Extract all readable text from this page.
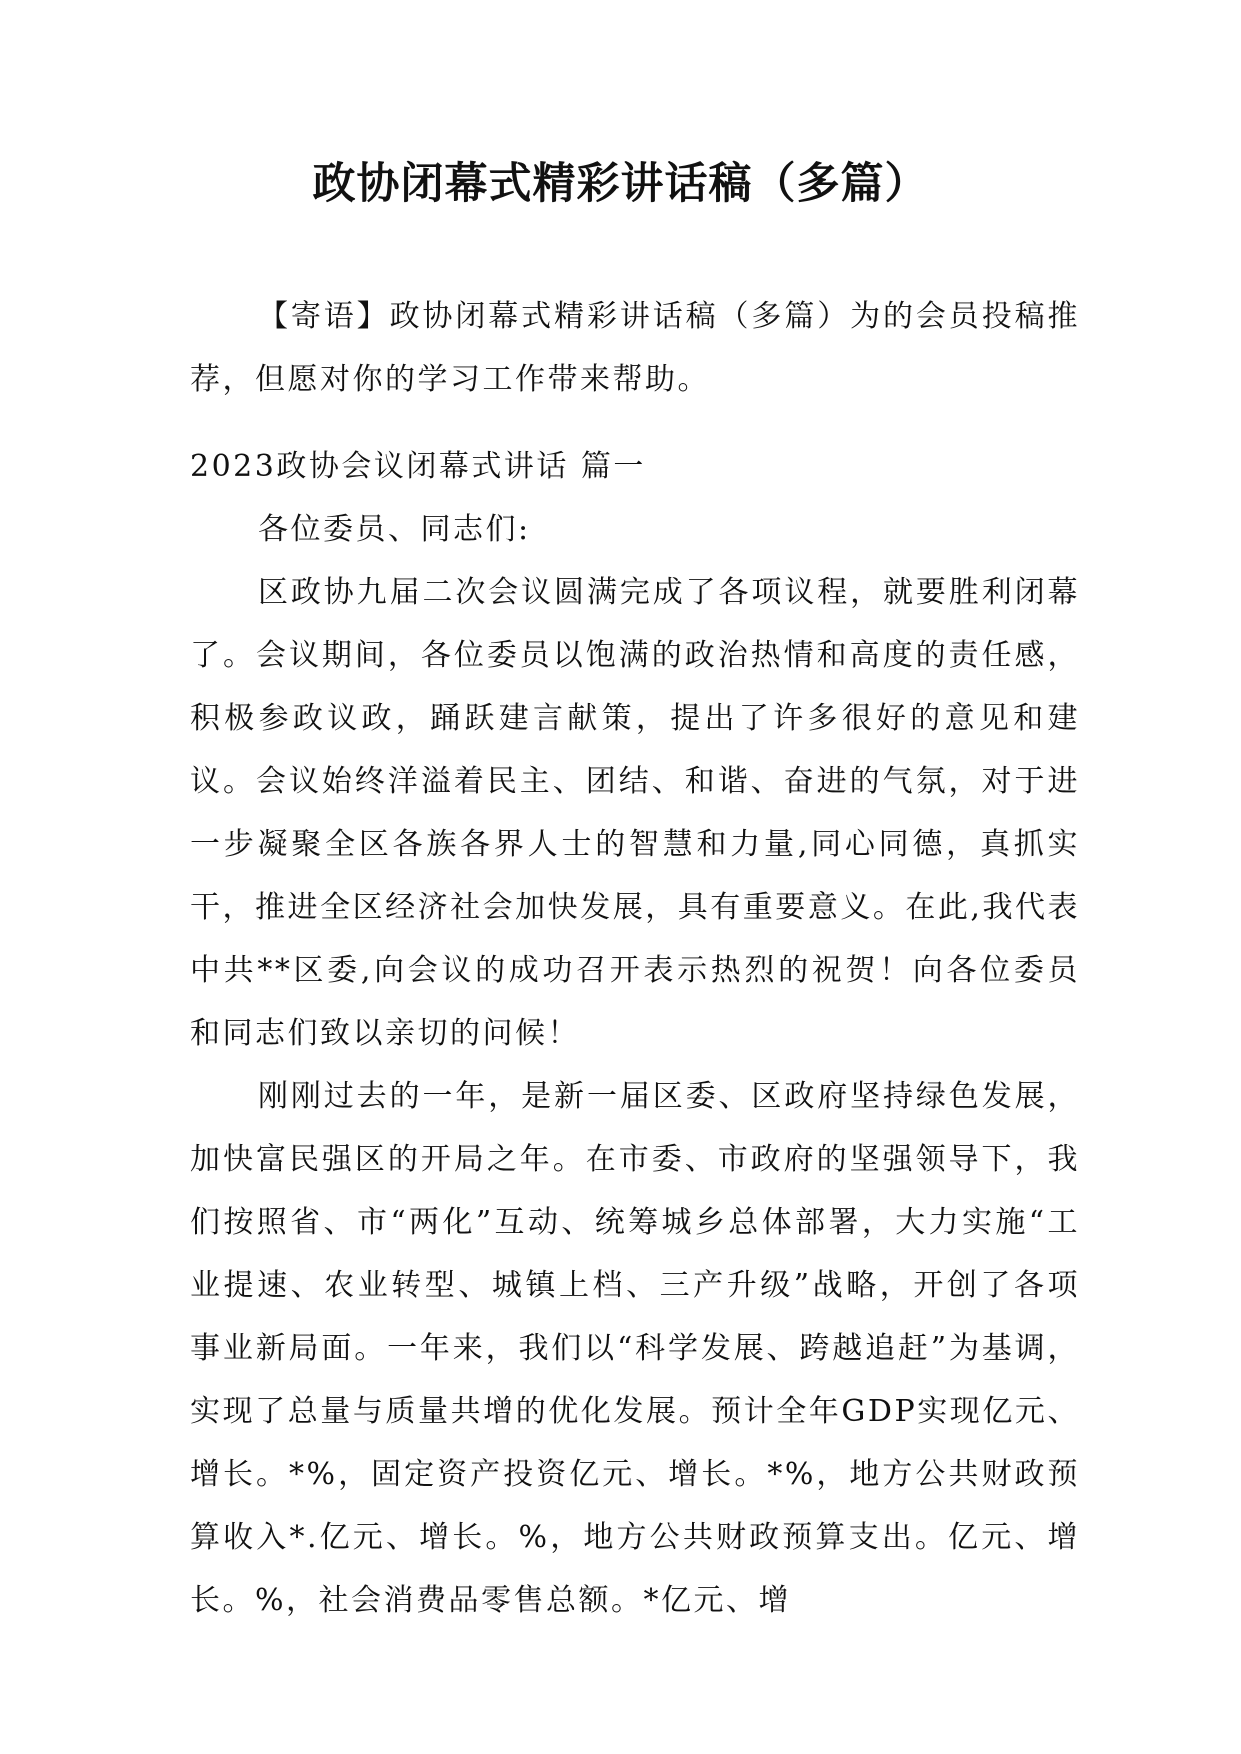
政协闭幕式精彩讲话稿（多篇）

【寄语】政协闭幕式精彩讲话稿（多篇）为的会员投稿推荐，但愿对你的学习工作带来帮助。

2023政协会议闭幕式讲话 篇一

各位委员、同志们:

区政协九届二次会议圆满完成了各项议程，就要胜利闭幕了。会议期间，各位委员以饱满的政治热情和高度的责任感，积极参政议政，踊跃建言献策，提出了许多很好的意见和建议。会议始终洋溢着民主、团结、和谐、奋进的气氛，对于进一步凝聚全区各族各界人士的智慧和力量,同心同德，真抓实干，推进全区经济社会加快发展，具有重要意义。在此,我代表中共**区委,向会议的成功召开表示热烈的祝贺！向各位委员和同志们致以亲切的问候！

刚刚过去的一年，是新一届区委、区政府坚持绿色发展，加快富民强区的开局之年。在市委、市政府的坚强领导下，我们按照省、市“两化”互动、统筹城乡总体部署，大力实施“工业提速、农业转型、城镇上档、三产升级”战略，开创了各项事业新局面。一年来，我们以“科学发展、跨越追赶”为基调，实现了总量与质量共增的优化发展。预计全年GDP实现亿元、增长。*%，固定资产投资亿元、增长。*%，地方公共财政预算收入*.亿元、增长。%，地方公共财政预算支出。亿元、增长。%，社会消费品零售总额。*亿元、增
